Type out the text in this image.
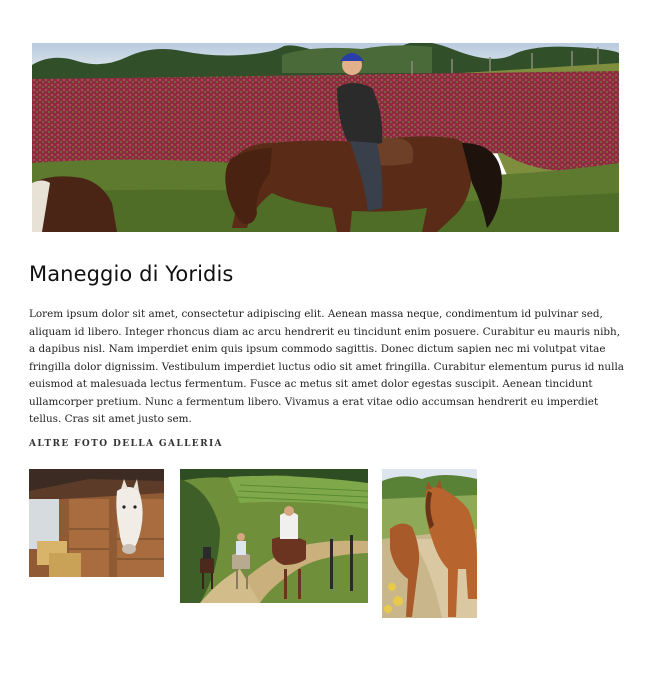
Maneggio di Yoridis

Lorem ipsum dolor sit amet, consectetur adipiscing elit. Aenean massa neque, condimentum id pulvinar sed, aliquam id libero. Integer rhoncus diam ac arcu hendrerit eu tincidunt enim posuere. Curabitur eu mauris nibh, a dapibus nisl. Nam imperdiet enim quis ipsum commodo sagittis. Donec dictum sapien nec mi volutpat vitae fringilla dolor dignissim. Vestibulum imperdiet luctus odio sit amet fringilla. Curabitur elementum purus id nulla euismod at malesuada lectus fermentum. Fusce ac metus sit amet dolor egestas suscipit. Aenean tincidunt ullamcorper pretium. Nunc a fermentum libero. Vivamus a erat vitae odio accumsan hendrerit eu imperdiet tellus. Cras sit amet justo sem.

ALTRE FOTO DELLA GALLERIA
